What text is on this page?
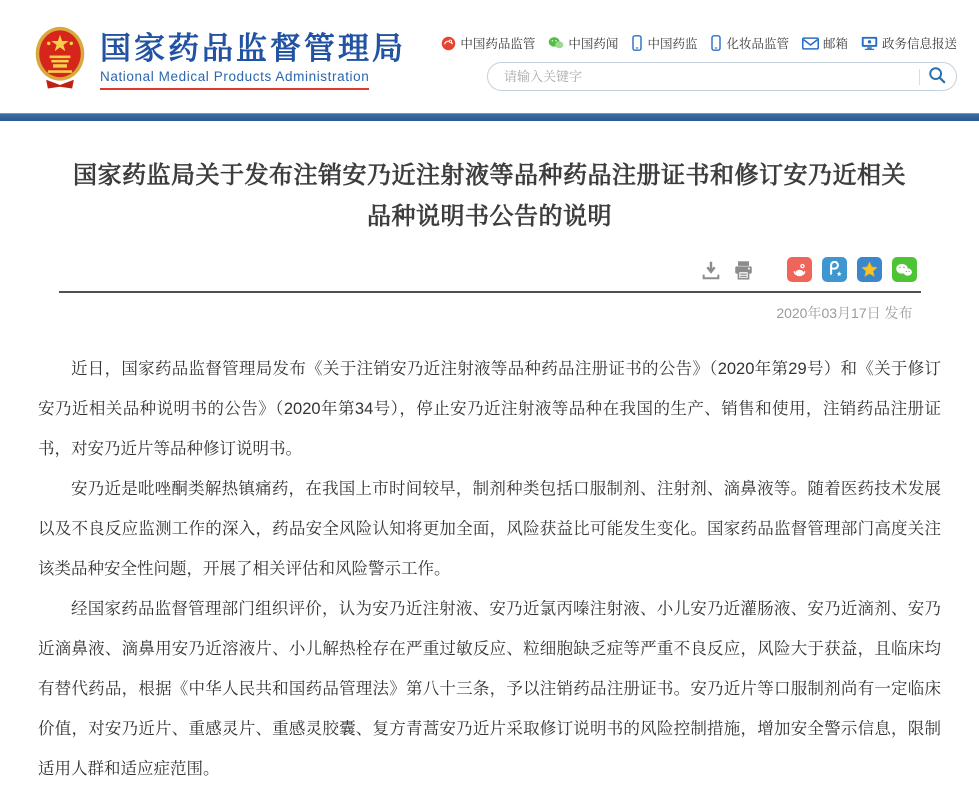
国家药品监督管理局
National Medical Products Administration
中国药品监管	中国药闻 中国药监 化妆品监管	邮箱	政务信息报送
请输入关键字
国家药监局关于发布注销安乃近注射液等品种药品注册证书和修订安乃近相关品种说明书公告的说明
2020年03月17日 发布

近日，国家药品监督管理局发布《关于注销安乃近注射液等品种药品注册证书的公告》（2020年第29号）和《关于修订安乃近相关品种说明书的公告》（2020年第34号），停止安乃近注射液等品种在我国的生产、销售和使用，注销药品注册证书，对安乃近片等品种修订说明书。

安乃近是吡唑酮类解热镇痛药，在我国上市时间较早，制剂种类包括口服制剂、注射剂、滴鼻液等。随着医药技术发展以及不良反应监测工作的深入，药品安全风险认知将更加全面，风险获益比可能发生变化。国家药品监督管理部门高度关注该类品种安全性问题，开展了相关评估和风险警示工作。

经国家药品监督管理部门组织评价，认为安乃近注射液、安乃近氯丙嗪注射液、小儿安乃近灌肠液、安乃近滴剂、安乃近滴鼻液、滴鼻用安乃近溶液片、小儿解热栓存在严重过敏反应、粒细胞缺乏症等严重不良反应，风险大于获益，且临床均有替代药品，根据《中华人民共和国药品管理法》第八十三条，予以注销药品注册证书。安乃近片等口服制剂尚有一定临床价值，对安乃近片、重感灵片、重感灵胶囊、复方青蒿安乃近片采取修订说明书的风险控制措施，增加安全警示信息，限制适用人群和适应症范围。
